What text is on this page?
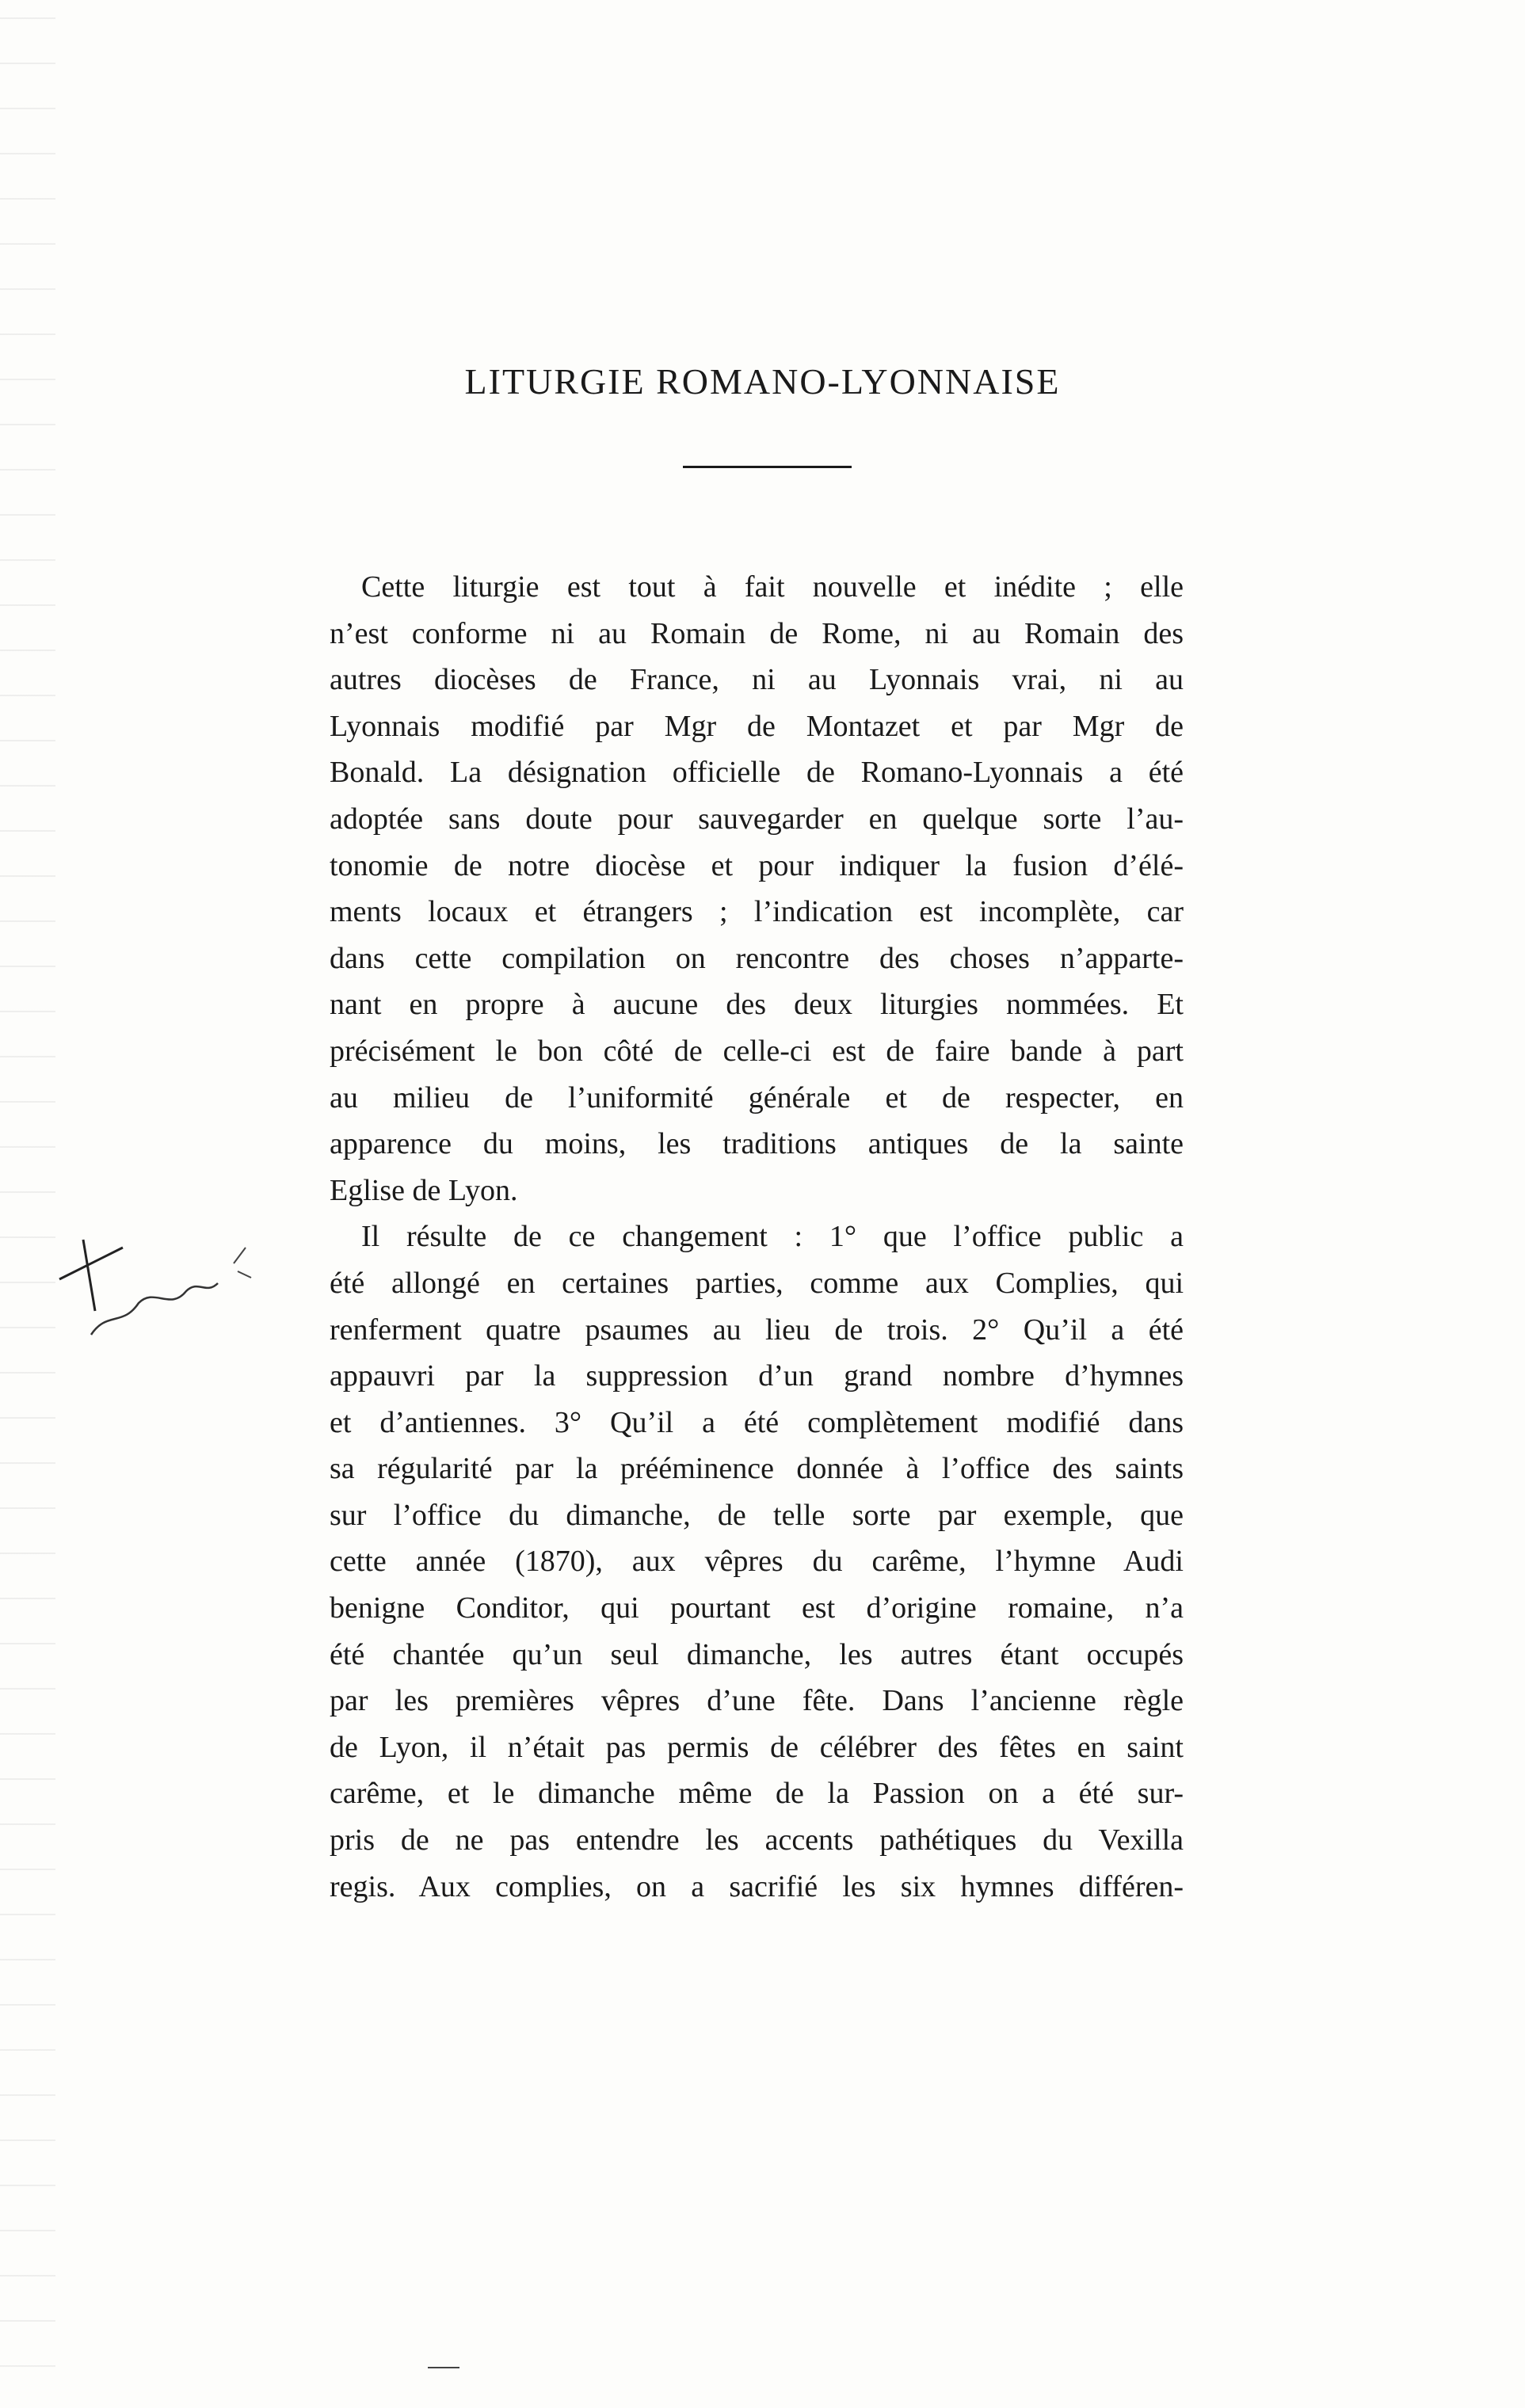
LITURGIE ROMANO-LYONNAISE
Cette liturgie est tout à fait nouvelle et inédite ; elle
n’est conforme ni au Romain de Rome, ni au Romain des
autres diocèses de France, ni au Lyonnais vrai, ni au
Lyonnais modifié par Mgr de Montazet et par Mgr de
Bonald. La désignation officielle de Romano-Lyonnais a été
adoptée sans doute pour sauvegarder en quelque sorte l’au-
tonomie de notre diocèse et pour indiquer la fusion d’élé-
ments locaux et étrangers ; l’indication est incomplète, car
dans cette compilation on rencontre des choses n’apparte-
nant en propre à aucune des deux liturgies nommées. Et
précisément le bon côté de celle-ci est de faire bande à part
au milieu de l’uniformité générale et de respecter, en
apparence du moins, les traditions antiques de la sainte
Eglise de Lyon.
Il résulte de ce changement : 1° que l’office public a
été allongé en certaines parties, comme aux Complies, qui
renferment quatre psaumes au lieu de trois. 2° Qu’il a été
appauvri par la suppression d’un grand nombre d’hymnes
et d’antiennes. 3° Qu’il a été complètement modifié dans
sa régularité par la prééminence donnée à l’office des saints
sur l’office du dimanche, de telle sorte par exemple, que
cette année (1870), aux vêpres du carême, l’hymne Audi
benigne Conditor, qui pourtant est d’origine romaine, n’a
été chantée qu’un seul dimanche, les autres étant occupés
par les premières vêpres d’une fête. Dans l’ancienne règle
de Lyon, il n’était pas permis de célébrer des fêtes en saint
carême, et le dimanche même de la Passion on a été sur-
pris de ne pas entendre les accents pathétiques du Vexilla
regis. Aux complies, on a sacrifié les six hymnes différen-
